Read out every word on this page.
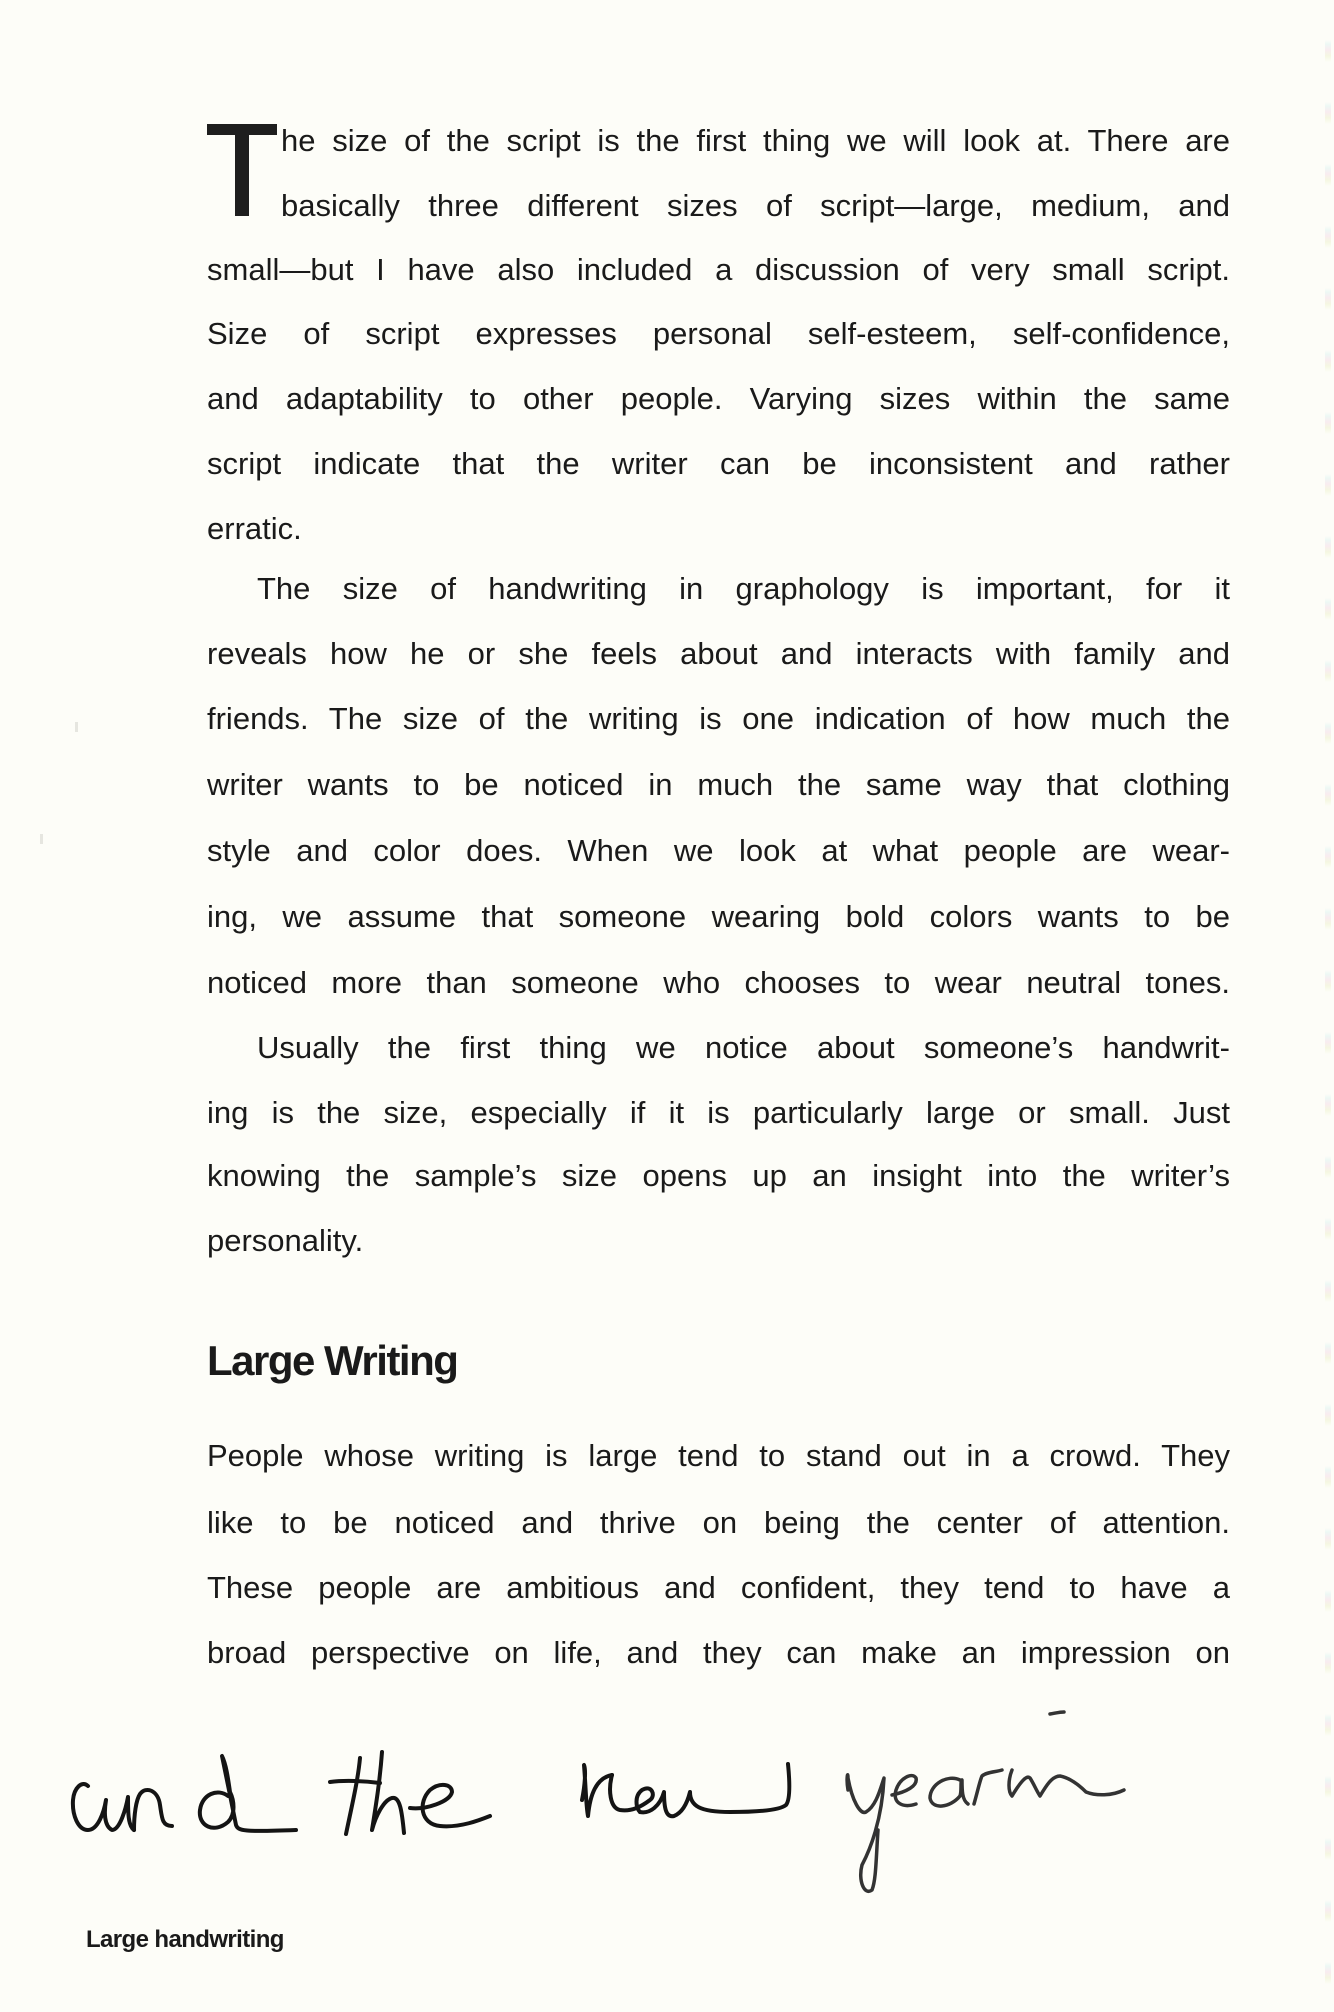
he size of the script is the first thing we will look at. There are
basically three different sizes of script—large, medium, and
small—but I have also included a discussion of very small script.
Size of script expresses personal self-esteem, self-confidence,
and adaptability to other people. Varying sizes within the same
script indicate that the writer can be inconsistent and rather
erratic.
The size of handwriting in graphology is important, for it
reveals how he or she feels about and interacts with family and
friends. The size of the writing is one indication of how much the
writer wants to be noticed in much the same way that clothing
style and color does. When we look at what people are wear-
ing, we assume that someone wearing bold colors wants to be
noticed more than someone who chooses to wear neutral tones.
Usually the first thing we notice about someone’s handwrit-
ing is the size, especially if it is particularly large or small. Just
knowing the sample’s size opens up an insight into the writer’s
personality.
Large Writing
People whose writing is large tend to stand out in a crowd. They
like to be noticed and thrive on being the center of attention.
These people are ambitious and confident, they tend to have a
broad perspective on life, and they can make an impression on
Large handwriting
